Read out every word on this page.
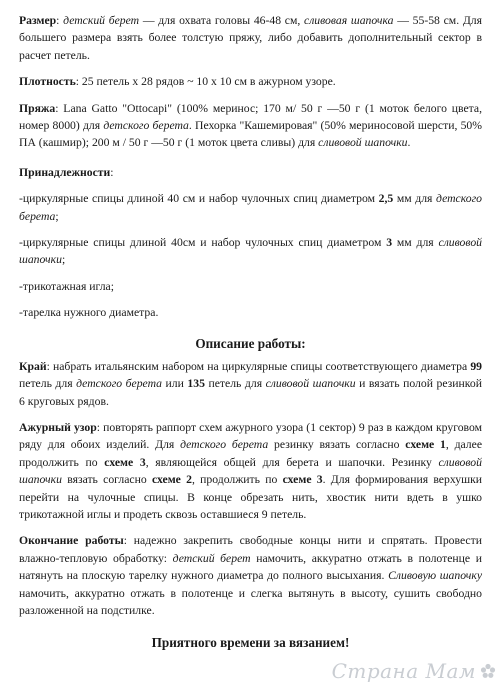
Размер: детский берет — для охвата головы 46-48 см, сливовая шапочка — 55-58 см. Для большего размера взять более толстую пряжу, либо добавить дополнительный сектор в расчет петель.

Плотность: 25 петель х 28 рядов ~ 10 х 10 см в ажурном узоре.

Пряжа: Lana Gatto "Ottocapi" (100% меринос; 170 м/ 50 г —50 г (1 моток белого цвета, номер 8000) для детского берета. Пехорка "Кашемировая" (50% мериносовой шерсти, 50% ПА (кашмир); 200 м / 50 г —50 г (1 моток цвета сливы) для сливовой шапочки.

Принадлежности:

-циркулярные спицы длиной 40 см и набор чулочных спиц диаметром 2,5 мм для детского берета;

-циркулярные спицы длиной 40см и набор чулочных спиц диаметром 3 мм для сливовой шапочки;

-трикотажная игла;

-тарелка нужного диаметра.

Описание работы:

Край: набрать итальянским набором на циркулярные спицы соответствующего диаметра 99 петель для детского берета или 135 петель для сливовой шапочки и вязать полой резинкой 6 круговых рядов.

Ажурный узор: повторять раппорт схем ажурного узора (1 сектор) 9 раз в каждом круговом ряду для обоих изделий. Для детского берета резинку вязать согласно схеме 1, далее продолжить по схеме 3, являющейся общей для берета и шапочки. Резинку сливовой шапочки вязать согласно схеме 2, продолжить по схеме 3. Для формирования верхушки перейти на чулочные спицы. В конце обрезать нить, хвостик нити вдеть в ушко трикотажной иглы и продеть сквозь оставшиеся 9 петель.

Окончание работы: надежно закрепить свободные концы нити и спрятать. Провести влажно-тепловую обработку: детский берет намочить, аккуратно отжать в полотенце и натянуть на плоскую тарелку нужного диаметра до полного высыхания. Сливовую шапочку намочить, аккуратно отжать в полотенце и слегка вытянуть в высоту, сушить свободно разложенной на подстилке.

Приятного времени за вязанием!
Страна Мам
